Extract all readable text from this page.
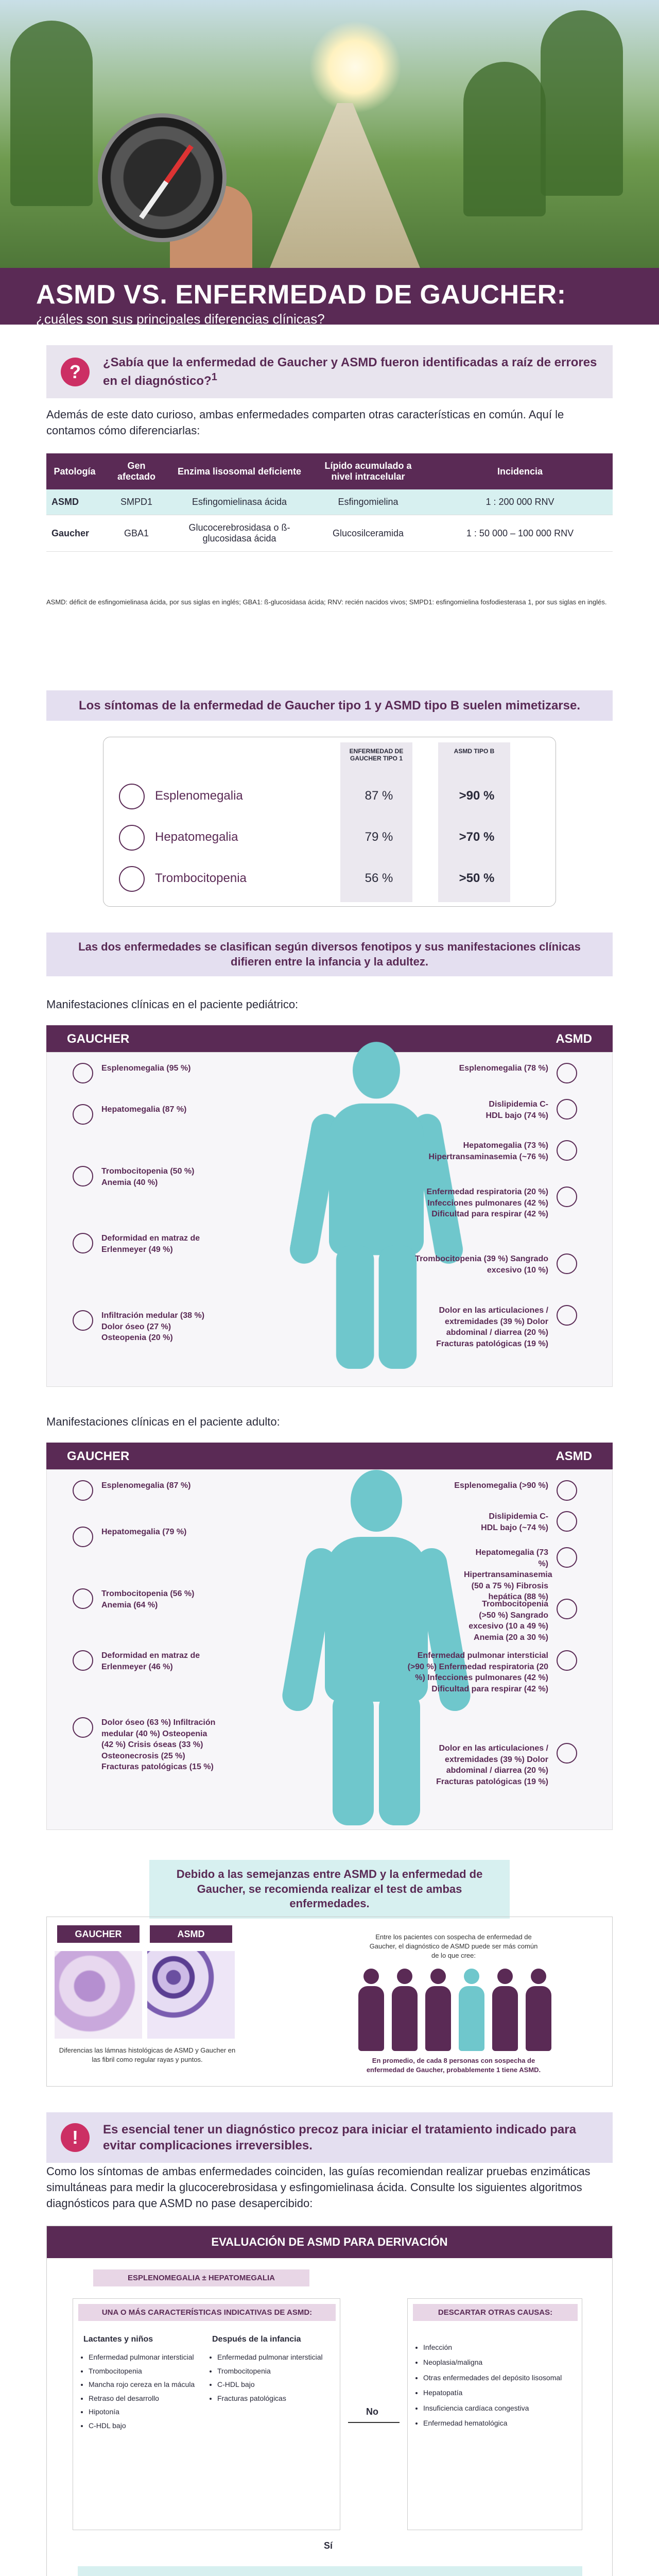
ASMD VS. ENFERMEDAD DE GAUCHER:

¿cuáles son sus principales diferencias clínicas?

?	¿Sabía que la enfermedad de Gaucher y ASMD fueron identificadas a raíz de errores en el diagnóstico?$^1$
Además de este dato curioso, ambas enfermedades comparten otras características en común. Aquí le contamos cómo diferenciarlas:
Patología	Gen afectado	Enzima lisosomal deficiente	Lípido acumulado a nivel intracelular	Incidencia
ASMD	SMPD1	Esfingomielinasa ácida	Esfingomielina	1 : 200 000 RNV
Gaucher	GBA1	Glucocerebrosidasa o ß-glucosidasa ácida	Glucosilceramida	1 : 50 000 – 100 000 RNV
ASMD: déficit de esfingomielinasa ácida, por sus siglas en inglés; GBA1: ß-glucosidasa ácida; RNV: recién nacidos vivos; SMPD1: esfingomielina fosfodiesterasa 1, por sus siglas en inglés.
Los síntomas de la enfermedad de Gaucher tipo 1 y ASMD tipo B suelen mimetizarse.
ENFERMEDAD DE GAUCHER TIPO 1
ASMD TIPO B
Esplenomegalia	87 %	>90 %
Hepatomegalia	79 %	>70 %
Trombocitopenia	56 %	>50 %
Las dos enfermedades se clasifican según diversos fenotipos y sus manifestaciones clínicas difieren entre la infancia y la adultez.
Manifestaciones clínicas en el paciente pediátrico:
GAUCHER	ASMD
Esplenomegalia (95 %)
Hepatomegalia (87 %)
Trombocitopenia (50 %) Anemia (40 %)
Deformidad en matraz de Erlenmeyer (49 %)
Infiltración medular (38 %) Dolor óseo (27 %) Osteopenia (20 %)
Esplenomegalia (78 %)
Dislipidemia C-HDL bajo (74 %)
Hepatomegalia (73 %) Hipertransaminasemia (~76 %)
Enfermedad respiratoria (20 %) Infecciones pulmonares (42 %) Dificultad para respirar (42 %)
Trombocitopenia (39 %) Sangrado excesivo (10 %)
Dolor en las articulaciones / extremidades (39 %) Dolor abdominal / diarrea (20 %) Fracturas patológicas (19 %)
Manifestaciones clínicas en el paciente adulto:
GAUCHER	ASMD
Esplenomegalia (87 %)
Hepatomegalia (79 %)
Trombocitopenia (56 %) Anemia (64 %)
Deformidad en matraz de Erlenmeyer (46 %)
Dolor óseo (63 %) Infiltración medular (40 %) Osteopenia (42 %) Crisis óseas (33 %) Osteonecrosis (25 %) Fracturas patológicas (15 %)
Esplenomegalia (>90 %)
Dislipidemia C-HDL bajo (~74 %)
Hepatomegalia (73 %) Hipertransaminasemia (50 a 75 %) Fibrosis hepática (88 %)
Trombocitopenia (>50 %) Sangrado excesivo (10 a 49 %) Anemia (20 a 30 %)
Enfermedad pulmonar intersticial (>90 %) Enfermedad respiratoria (20 %) Infecciones pulmonares (42 %) Dificultad para respirar (42 %)
Dolor en las articulaciones / extremidades (39 %) Dolor abdominal / diarrea (20 %) Fracturas patológicas (19 %)
Debido a las semejanzas entre ASMD y la enfermedad de Gaucher, se recomienda realizar el test de ambas enfermedades.
GAUCHER	ASMD
Diferencias las lámnas histológicas de ASMD y Gaucher en las fibril como regular rayas y puntos.
Entre los pacientes con sospecha de enfermedad de Gaucher, el diagnóstico de ASMD puede ser más común de lo que cree:
En promedio, de cada 8 personas con sospecha de enfermedad de Gaucher, probablemente 1 tiene ASMD.
!	Es esencial tener un diagnóstico precoz para iniciar el tratamiento indicado para evitar complicaciones irreversibles.
Como los síntomas de ambas enfermedades coinciden, las guías recomiendan realizar pruebas enzimáticas simultáneas para medir la glucocerebrosidasa y esfingomielinasa ácida. Consulte los siguientes algoritmos diagnósticos para que ASMD no pase desapercibido:
EVALUACIÓN DE ASMD PARA DERIVACIÓN
ESPLENOMEGALIA ± HEPATOMEGALIA
UNA O MÁS CARACTERÍSTICAS INDICATIVAS DE ASMD:
Lactantes y niños	Después de la infancia
• Enfermedad pulmonar intersticial
• Trombocitopenia
• Mancha rojo cereza en la mácula
• Retraso del desarrollo
• Hipotonía
• C-HDL bajo
• Enfermedad pulmonar intersticial
• Trombocitopenia
• C-HDL bajo
• Fracturas patológicas
No
DESCARTAR OTRAS CAUSAS:
• Infección
• Neoplasia/maligna
• Otras enfermedades del depósito lisosomal
• Hepatopatía
• Insuficiencia cardíaca congestiva
• Enfermedad hematológica
Sí
